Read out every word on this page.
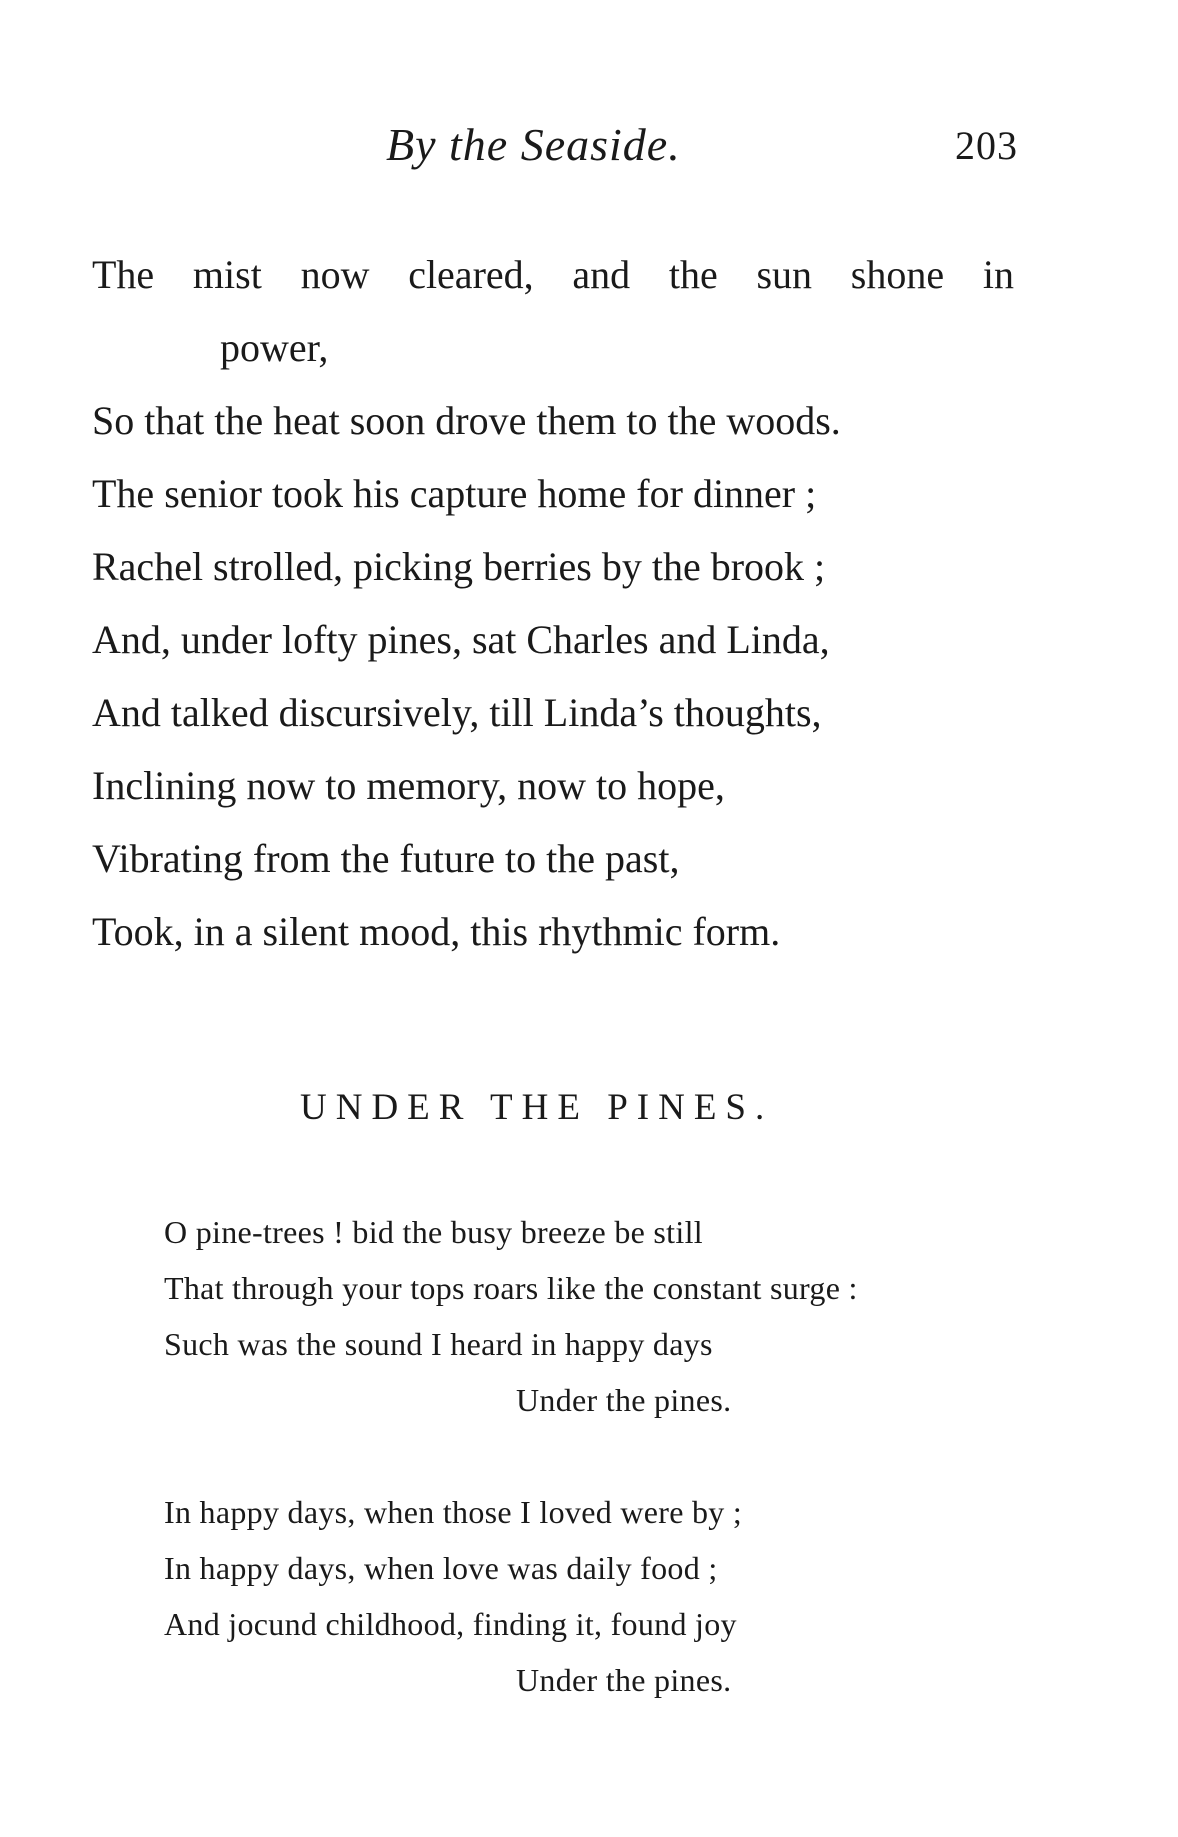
By the Seaside.	203
The mist now cleared, and the sun shone in
power,
So that the heat soon drove them to the woods.
The senior took his capture home for dinner ;
Rachel strolled, picking berries by the brook ;
And, under lofty pines, sat Charles and Linda,
And talked discursively, till Linda’s thoughts,
Inclining now to memory, now to hope,
Vibrating from the future to the past,
Took, in a silent mood, this rhythmic form.
UNDER THE PINES.
O pine-trees ! bid the busy breeze be still
That through your tops roars like the constant surge :
Such was the sound I heard in happy days
Under the pines.
In happy days, when those I loved were by ;
In happy days, when love was daily food ;
And jocund childhood, finding it, found joy
Under the pines.
